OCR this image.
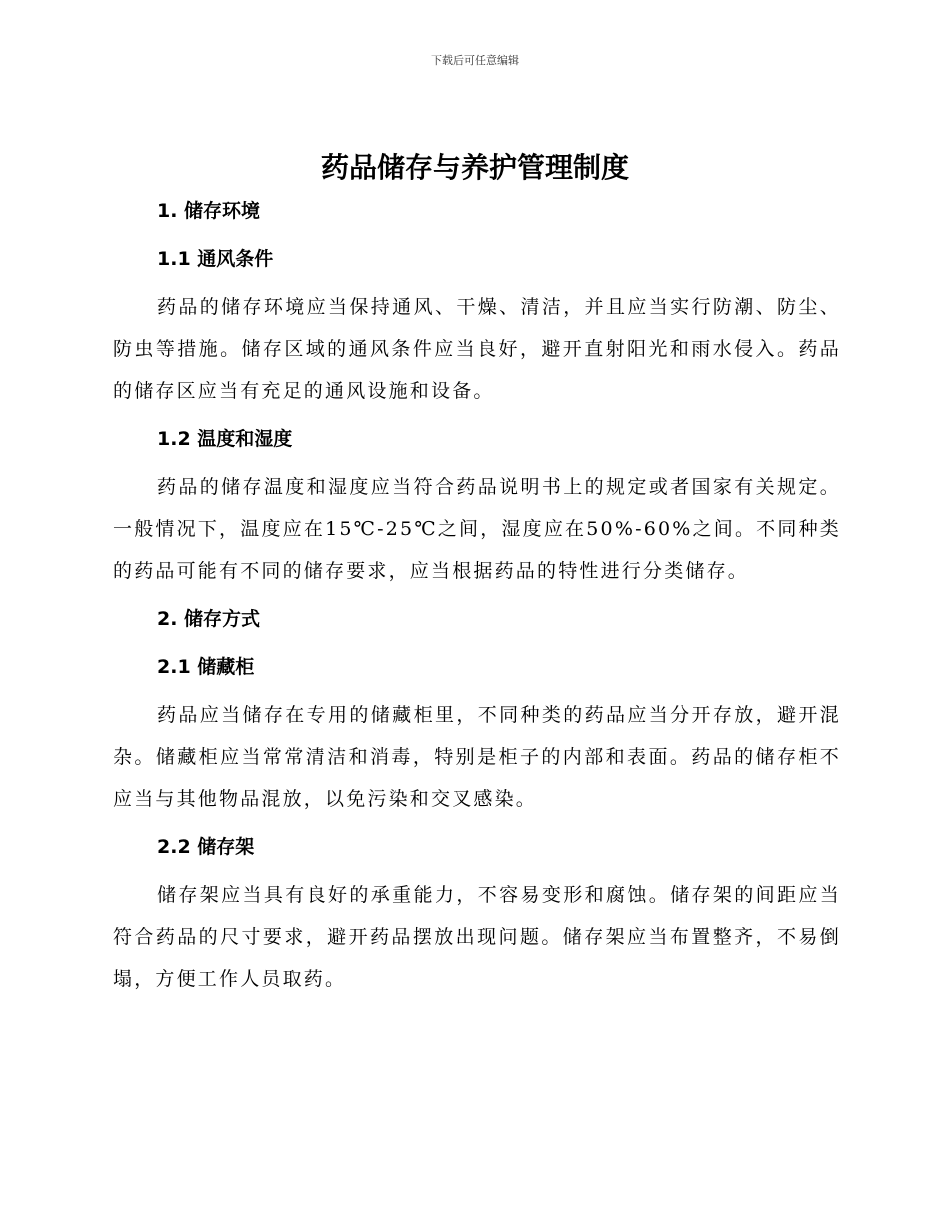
下载后可任意编辑
药品储存与养护管理制度
1. 储存环境
1.1 通风条件

药品的储存环境应当保持通风、干燥、清洁，并且应当实行防潮、防尘、防虫等措施。储存区域的通风条件应当良好，避开直射阳光和雨水侵入。药品的储存区应当有充足的通风设施和设备。

1.2 温度和湿度

药品的储存温度和湿度应当符合药品说明书上的规定或者国家有关规定。一般情况下，温度应在15℃-25℃之间，湿度应在50%-60%之间。不同种类的药品可能有不同的储存要求，应当根据药品的特性进行分类储存。

2. 储存方式
2.1 储藏柜

药品应当储存在专用的储藏柜里，不同种类的药品应当分开存放，避开混杂。储藏柜应当常常清洁和消毒，特别是柜子的内部和表面。药品的储存柜不应当与其他物品混放，以免污染和交叉感染。

2.2 储存架

储存架应当具有良好的承重能力，不容易变形和腐蚀。储存架的间距应当符合药品的尺寸要求，避开药品摆放出现问题。储存架应当布置整齐，不易倒塌，方便工作人员取药。
